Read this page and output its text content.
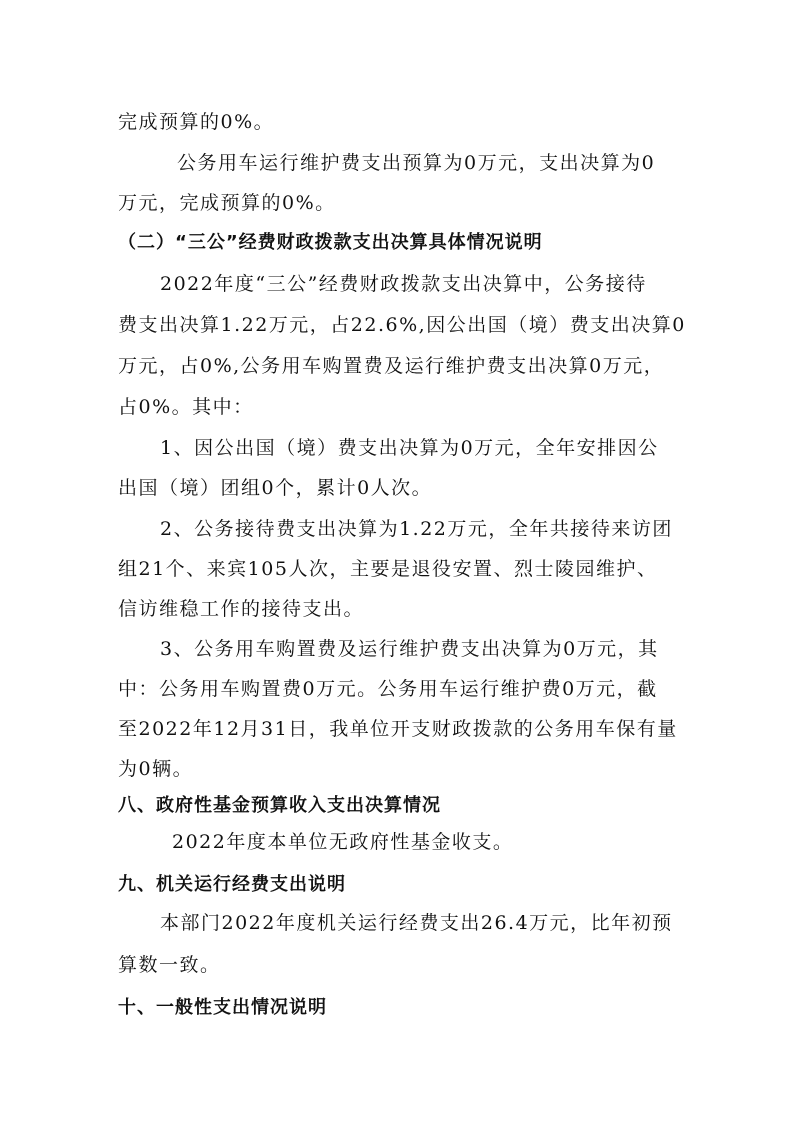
完成预算的0%。
公务用车运行维护费支出预算为0万元，支出决算为0
万元，完成预算的0%。
（二）“三公”经费财政拨款支出决算具体情况说明
2022年度“三公”经费财政拨款支出决算中，公务接待
费支出决算1.22万元，占22.6%,因公出国（境）费支出决算0
万元，占0%,公务用车购置费及运行维护费支出决算0万元，
占0%。其中：
1、因公出国（境）费支出决算为0万元，全年安排因公
出国（境）团组0个，累计0人次。
2、公务接待费支出决算为1.22万元，全年共接待来访团
组21个、来宾105人次，主要是退役安置、烈士陵园维护、
信访维稳工作的接待支出。
3、公务用车购置费及运行维护费支出决算为0万元，其
中：公务用车购置费0万元。公务用车运行维护费0万元，截
至2022年12月31日，我单位开支财政拨款的公务用车保有量
为0辆。
八、政府性基金预算收入支出决算情况
2022年度本单位无政府性基金收支。
九、机关运行经费支出说明
本部门2022年度机关运行经费支出26.4万元，比年初预
算数一致。
十、一般性支出情况说明
